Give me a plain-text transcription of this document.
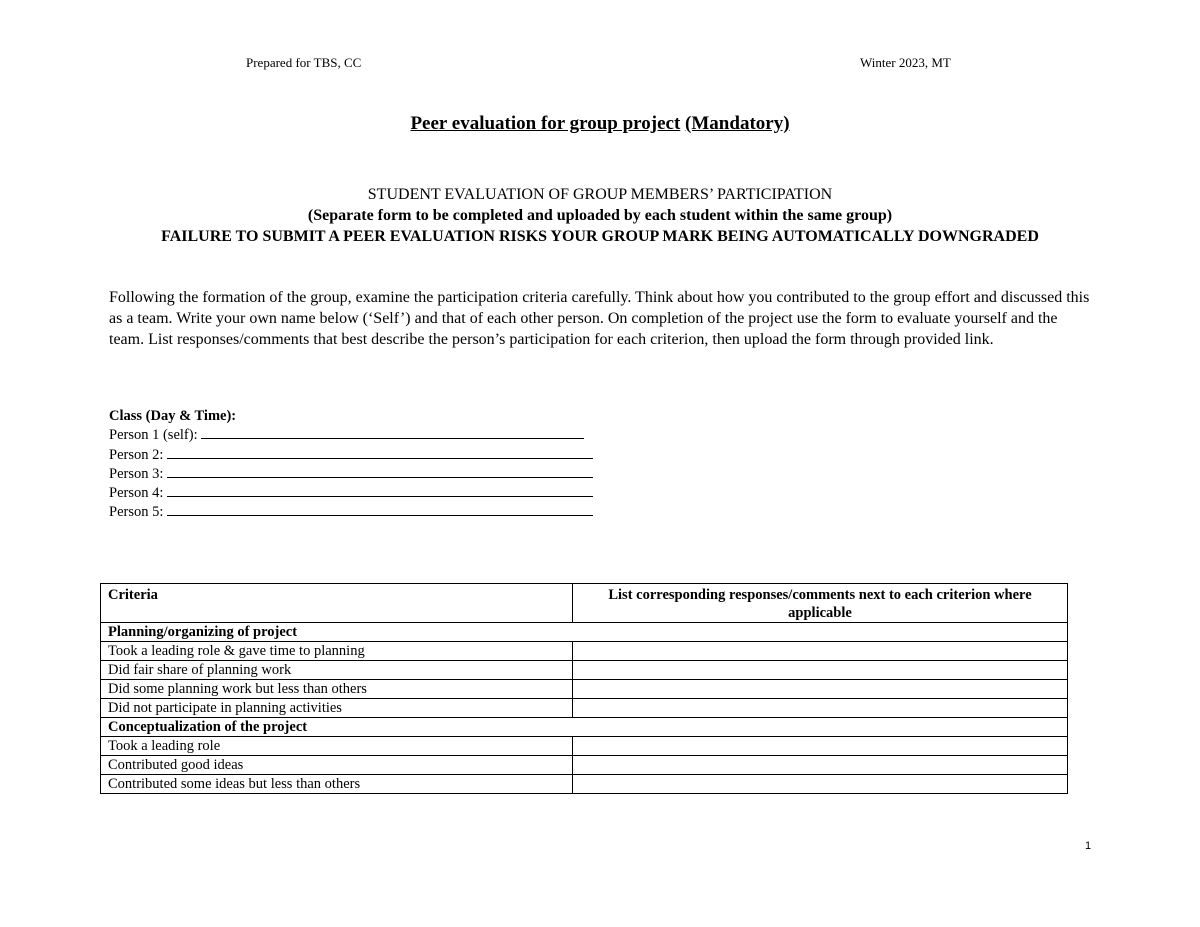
Prepared for TBS, CC	Winter 2023, MT
Peer evaluation for group project (Mandatory)
STUDENT EVALUATION OF GROUP MEMBERS’ PARTICIPATION
(Separate form to be completed and uploaded by each student within the same group)
FAILURE TO SUBMIT A PEER EVALUATION RISKS YOUR GROUP MARK BEING AUTOMATICALLY DOWNGRADED
Following the formation of the group, examine the participation criteria carefully. Think about how you contributed to the group effort and discussed this as a team. Write your own name below (‘Self’) and that of each other person. On completion of the project use the form to evaluate yourself and the team. List responses/comments that best describe the person’s participation for each criterion, then upload the form through provided link.
Class (Day & Time):
Person 1 (self):
Person 2:
Person 3:
Person 4:
Person 5:
Criteria	List corresponding responses/comments next to each criterion where applicable
Planning/organizing of project	
Took a leading role & gave time to planning	
Did fair share of planning work	
Did some planning work but less than others	
Did not participate in planning activities	
Conceptualization of the project	
Took a leading role	
Contributed good ideas	
Contributed some ideas but less than others	
1
